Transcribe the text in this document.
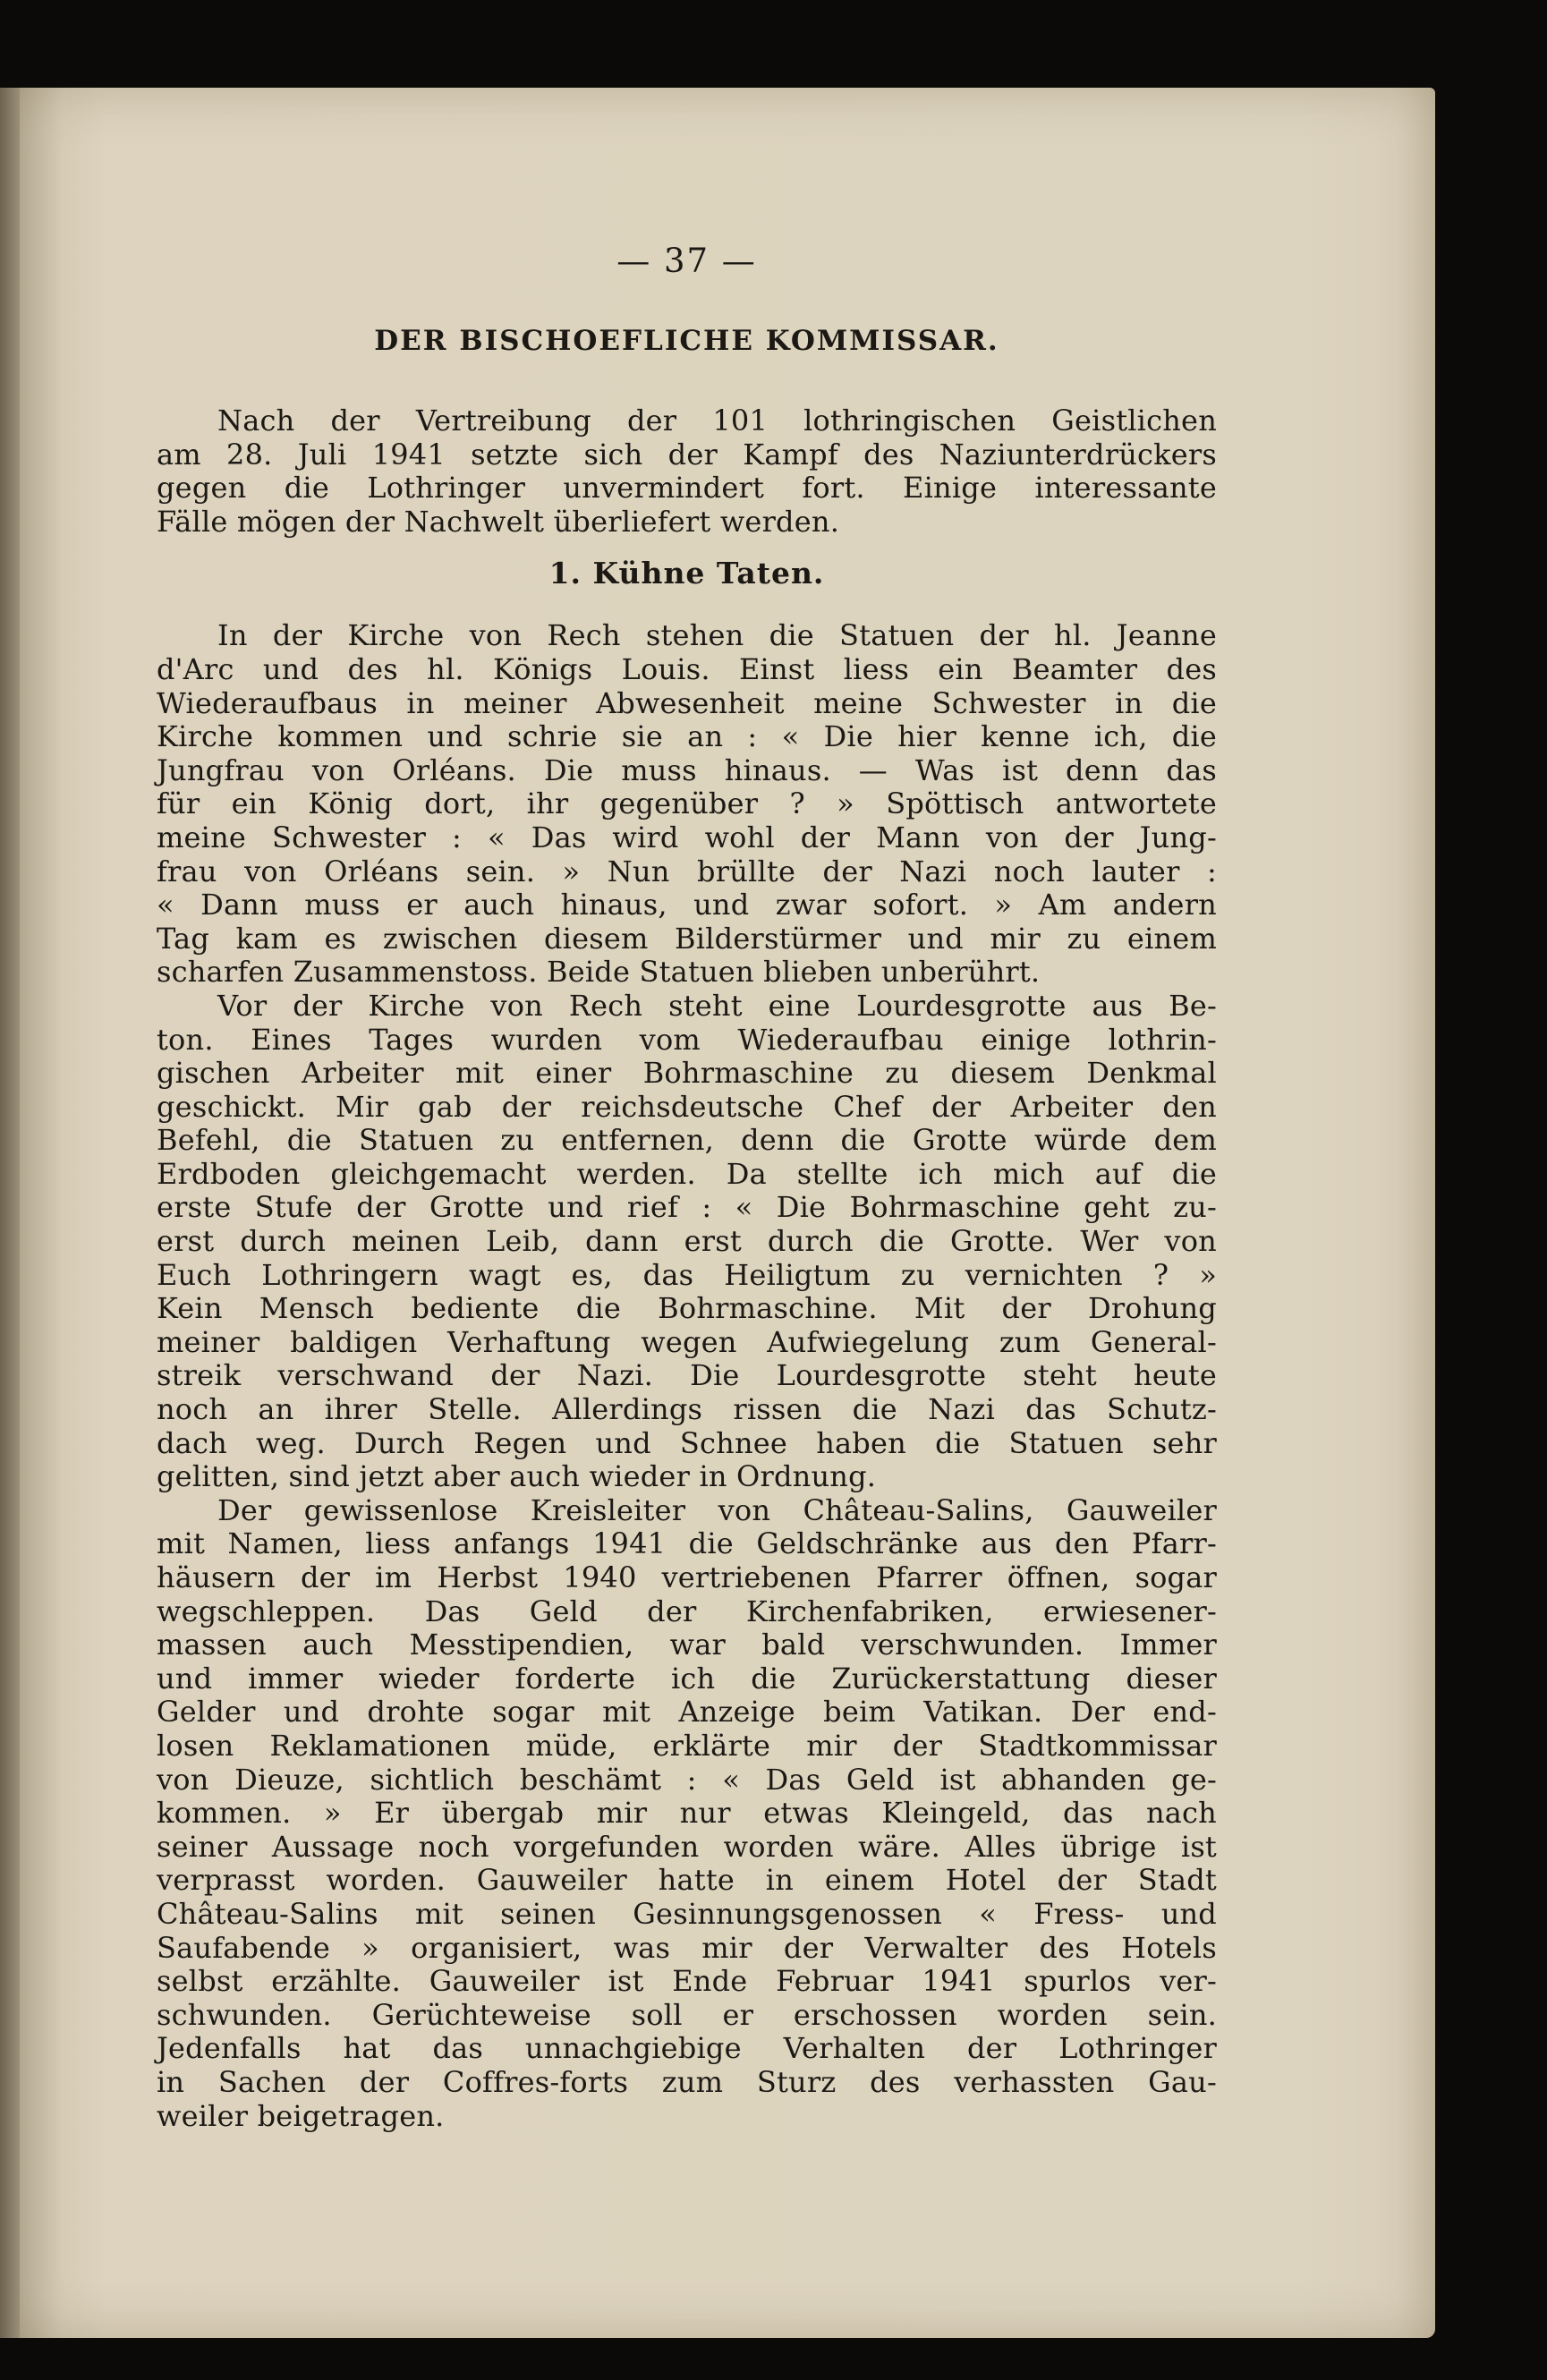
— 37 —
DER BISCHOEFLICHE KOMMISSAR.
Nach der Vertreibung der 101 lothringischen Geistlichen
am 28. Juli 1941 setzte sich der Kampf des Naziunterdrückers
gegen die Lothringer unvermindert fort. Einige interessante
Fälle mögen der Nachwelt überliefert werden.
1. Kühne Taten.
In der Kirche von Rech stehen die Statuen der hl. Jeanne
d'Arc und des hl. Königs Louis. Einst liess ein Beamter des
Wiederaufbaus in meiner Abwesenheit meine Schwester in die
Kirche kommen und schrie sie an : « Die hier kenne ich, die
Jungfrau von Orléans. Die muss hinaus. — Was ist denn das
für ein König dort, ihr gegenüber ? » Spöttisch antwortete
meine Schwester : « Das wird wohl der Mann von der Jung-
frau von Orléans sein. » Nun brüllte der Nazi noch lauter :
« Dann muss er auch hinaus, und zwar sofort. » Am andern
Tag kam es zwischen diesem Bilderstürmer und mir zu einem
scharfen Zusammenstoss. Beide Statuen blieben unberührt.
Vor der Kirche von Rech steht eine Lourdesgrotte aus Be-
ton. Eines Tages wurden vom Wiederaufbau einige lothrin-
gischen Arbeiter mit einer Bohrmaschine zu diesem Denkmal
geschickt. Mir gab der reichsdeutsche Chef der Arbeiter den
Befehl, die Statuen zu entfernen, denn die Grotte würde dem
Erdboden gleichgemacht werden. Da stellte ich mich auf die
erste Stufe der Grotte und rief : « Die Bohrmaschine geht zu-
erst durch meinen Leib, dann erst durch die Grotte. Wer von
Euch Lothringern wagt es, das Heiligtum zu vernichten ? »
Kein Mensch bediente die Bohrmaschine. Mit der Drohung
meiner baldigen Verhaftung wegen Aufwiegelung zum General-
streik verschwand der Nazi. Die Lourdesgrotte steht heute
noch an ihrer Stelle. Allerdings rissen die Nazi das Schutz-
dach weg. Durch Regen und Schnee haben die Statuen sehr
gelitten, sind jetzt aber auch wieder in Ordnung.
Der gewissenlose Kreisleiter von Château-Salins, Gauweiler
mit Namen, liess anfangs 1941 die Geldschränke aus den Pfarr-
häusern der im Herbst 1940 vertriebenen Pfarrer öffnen, sogar
wegschleppen. Das Geld der Kirchenfabriken, erwiesener-
massen auch Messtipendien, war bald verschwunden. Immer
und immer wieder forderte ich die Zurückerstattung dieser
Gelder und drohte sogar mit Anzeige beim Vatikan. Der end-
losen Reklamationen müde, erklärte mir der Stadtkommissar
von Dieuze, sichtlich beschämt : « Das Geld ist abhanden ge-
kommen. » Er übergab mir nur etwas Kleingeld, das nach
seiner Aussage noch vorgefunden worden wäre. Alles übrige ist
verprasst worden. Gauweiler hatte in einem Hotel der Stadt
Château-Salins mit seinen Gesinnungsgenossen « Fress- und
Saufabende » organisiert, was mir der Verwalter des Hotels
selbst erzählte. Gauweiler ist Ende Februar 1941 spurlos ver-
schwunden. Gerüchteweise soll er erschossen worden sein.
Jedenfalls hat das unnachgiebige Verhalten der Lothringer
in Sachen der Coffres-forts zum Sturz des verhassten Gau-
weiler beigetragen.
